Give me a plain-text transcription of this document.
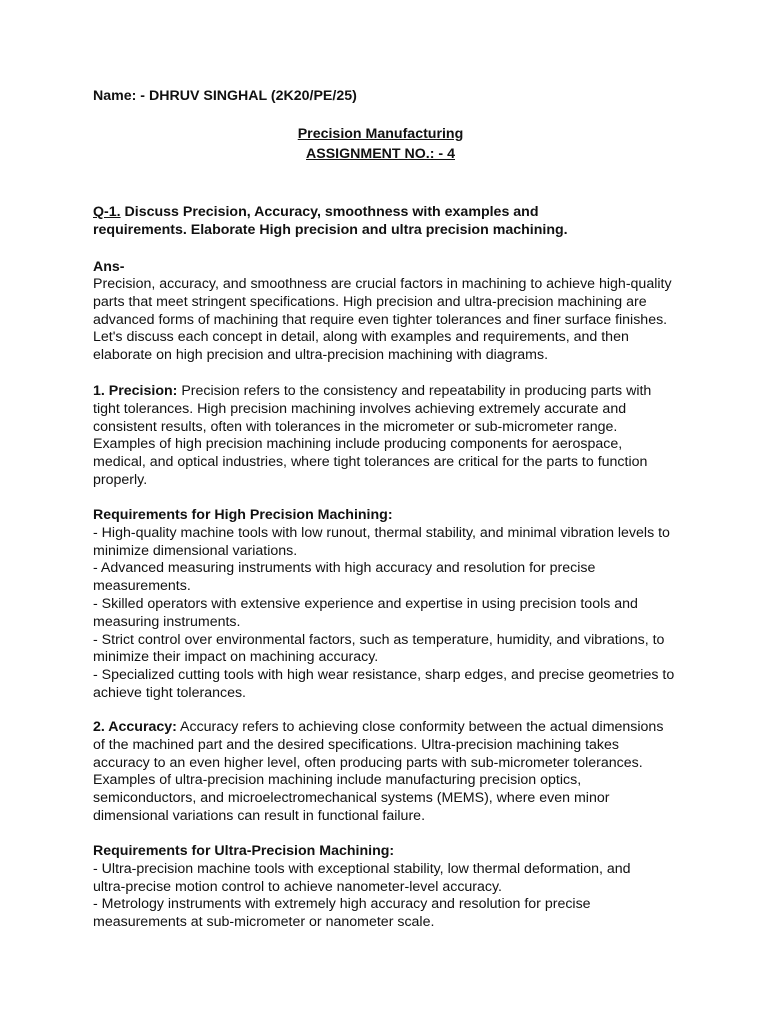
Name: - DHRUV SINGHAL (2K20/PE/25)

Precision Manufacturing

ASSIGNMENT NO.: - 4

Q-1. Discuss Precision, Accuracy, smoothness with examples and
requirements. Elaborate High precision and ultra precision machining.

Ans-

Precision, accuracy, and smoothness are crucial factors in machining to achieve high-quality
parts that meet stringent specifications. High precision and ultra-precision machining are
advanced forms of machining that require even tighter tolerances and finer surface finishes.
Let's discuss each concept in detail, along with examples and requirements, and then
elaborate on high precision and ultra-precision machining with diagrams.
1. Precision: Precision refers to the consistency and repeatability in producing parts with
tight tolerances. High precision machining involves achieving extremely accurate and
consistent results, often with tolerances in the micrometer or sub-micrometer range.
Examples of high precision machining include producing components for aerospace,
medical, and optical industries, where tight tolerances are critical for the parts to function
properly.
Requirements for High Precision Machining:
- High-quality machine tools with low runout, thermal stability, and minimal vibration levels to
minimize dimensional variations.
- Advanced measuring instruments with high accuracy and resolution for precise
measurements.
- Skilled operators with extensive experience and expertise in using precision tools and
measuring instruments.
- Strict control over environmental factors, such as temperature, humidity, and vibrations, to
minimize their impact on machining accuracy.
- Specialized cutting tools with high wear resistance, sharp edges, and precise geometries to
achieve tight tolerances.
2. Accuracy: Accuracy refers to achieving close conformity between the actual dimensions
of the machined part and the desired specifications. Ultra-precision machining takes
accuracy to an even higher level, often producing parts with sub-micrometer tolerances.
Examples of ultra-precision machining include manufacturing precision optics,
semiconductors, and microelectromechanical systems (MEMS), where even minor
dimensional variations can result in functional failure.
Requirements for Ultra-Precision Machining:
- Ultra-precision machine tools with exceptional stability, low thermal deformation, and
ultra-precise motion control to achieve nanometer-level accuracy.
- Metrology instruments with extremely high accuracy and resolution for precise
measurements at sub-micrometer or nanometer scale.
